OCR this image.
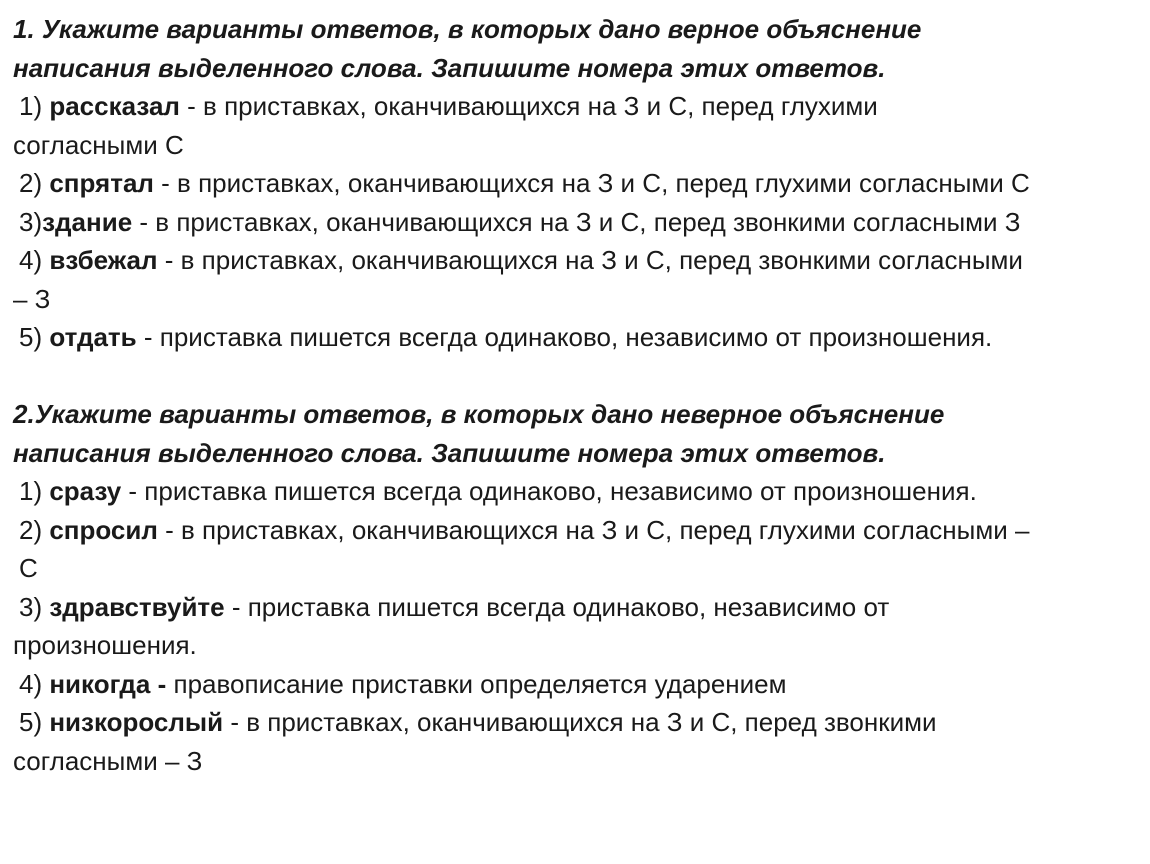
1. Укажите варианты ответов, в которых дано верное объяснение
написания выделенного слова. Запишите номера этих ответов.

1) рассказал - в приставках, оканчивающихся на З и С, перед глухими
согласными С

2) спрятал - в приставках, оканчивающихся на З и С, перед глухими согласными С

3)здание - в приставках, оканчивающихся на З и С, перед звонкими согласными З

4) взбежал - в приставках, оканчивающихся на З и С, перед звонкими согласными
– З

5) отдать - приставка пишется всегда одинаково, независимо от произношения.

2.Укажите варианты ответов, в которых дано неверное объяснение
написания выделенного слова. Запишите номера этих ответов.

1) сразу - приставка пишется всегда одинаково, независимо от произношения.

2) спросил - в приставках, оканчивающихся на З и С, перед глухими согласными –
С

3) здравствуйте - приставка пишется всегда одинаково, независимо от
произношения.

4) никогда - правописание приставки определяется ударением

5) низкорослый - в приставках, оканчивающихся на З и С, перед звонкими
согласными – З
